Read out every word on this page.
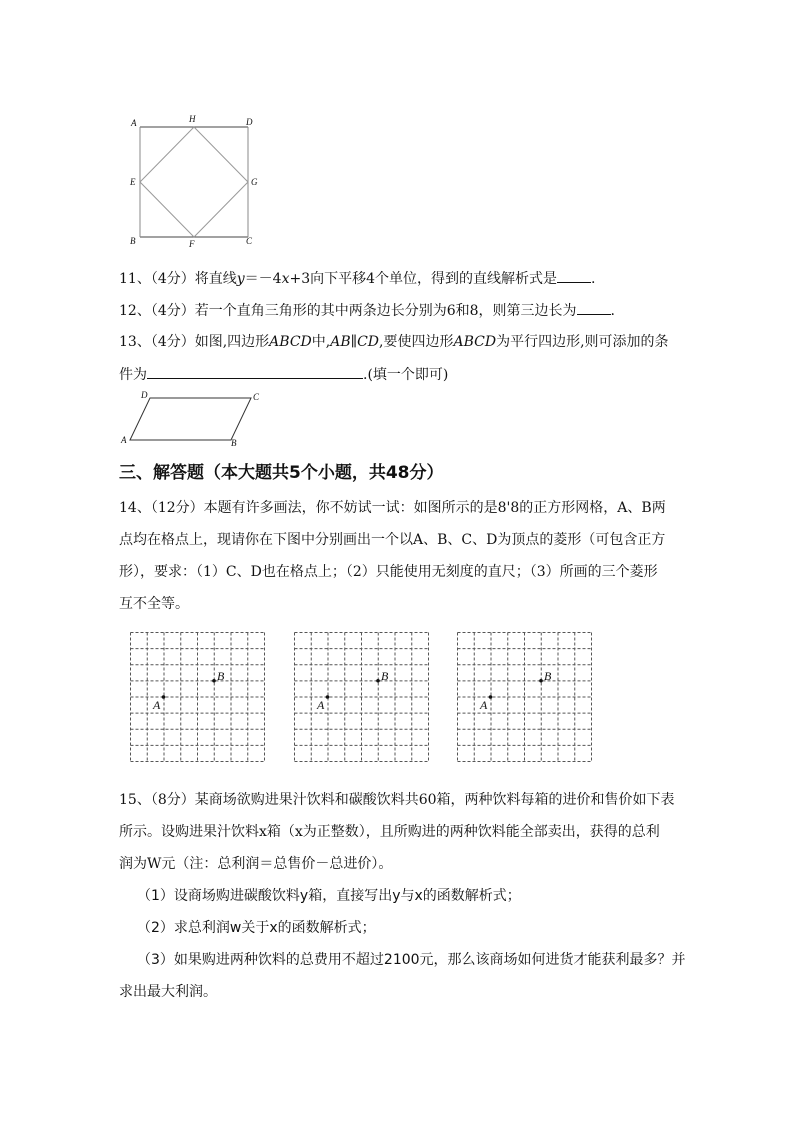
A	H	D
E	G
B	F	C
11、（4分）将直线y＝－4x+3向下平移4个单位，得到的直线解析式是 .
12、（4分）若一个直角三角形的其中两条边长分别为6和8，则第三边长为 .
13、（4分）如图,四边形ABCD中,AB∥CD,要使四边形ABCD为平行四边形,则可添加的条
件为	.(填一个即可)
D	C
A	B
三、解答题（本大题共5个小题，共48分）
14、（12分）本题有许多画法，你不妨试一试：如图所示的是8'8的正方形网格，A、B两
点均在格点上，现请你在下图中分别画出一个以A、B、C、D为顶点的菱形（可包含正方
形），要求：（1）C、D也在格点上；（2）只能使用无刻度的直尺；（3）所画的三个菱形
互不全等。
A
B
A
B
A
B
15、（8分）某商场欲购进果汁饮料和碳酸饮料共60箱，两种饮料每箱的进价和售价如下表
所示。设购进果汁饮料x箱（x为正整数），且所购进的两种饮料能全部卖出，获得的总利
润为W元（注：总利润＝总售价－总进价）。
（1）设商场购进碳酸饮料y箱，直接写出y与x的函数解析式；
（2）求总利润w关于x的函数解析式；
（3）如果购进两种饮料的总费用不超过2100元，那么该商场如何进货才能获利最多？并
求出最大利润。
